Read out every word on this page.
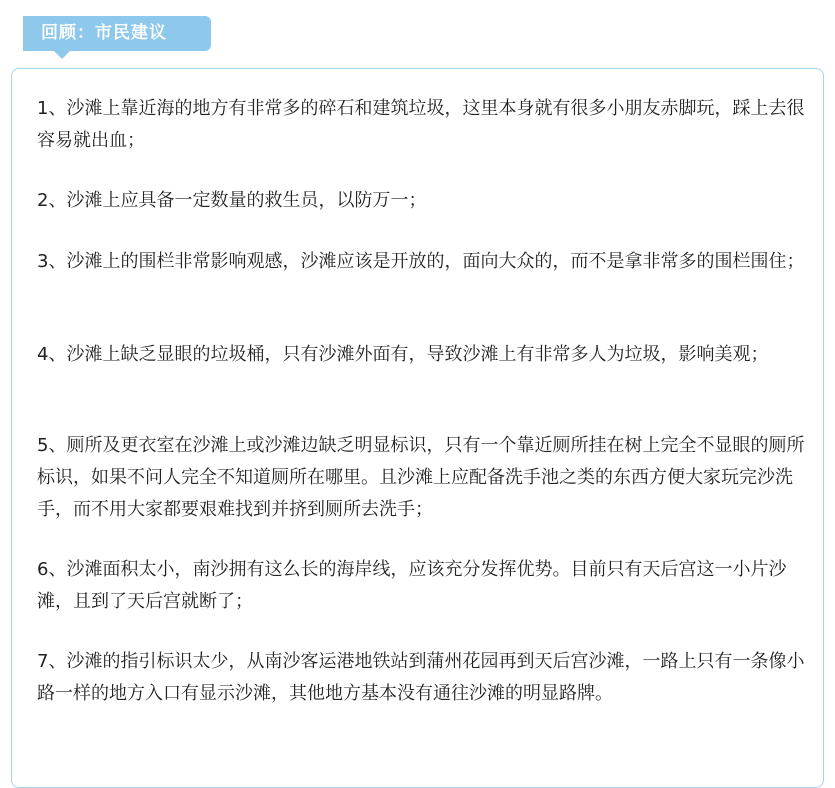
回顾：市民建议

1、沙滩上靠近海的地方有非常多的碎石和建筑垃圾，这里本身就有很多小朋友赤脚玩，踩上去很容易就出血；

2、沙滩上应具备一定数量的救生员，以防万一；

3、沙滩上的围栏非常影响观感，沙滩应该是开放的，面向大众的，而不是拿非常多的围栏围住；

4、沙滩上缺乏显眼的垃圾桶，只有沙滩外面有，导致沙滩上有非常多人为垃圾，影响美观；

5、厕所及更衣室在沙滩上或沙滩边缺乏明显标识，只有一个靠近厕所挂在树上完全不显眼的厕所标识，如果不问人完全不知道厕所在哪里。且沙滩上应配备洗手池之类的东西方便大家玩完沙洗手，而不用大家都要艰难找到并挤到厕所去洗手；

6、沙滩面积太小，南沙拥有这么长的海岸线，应该充分发挥优势。目前只有天后宫这一小片沙滩，且到了天后宫就断了；

7、沙滩的指引标识太少，从南沙客运港地铁站到蒲州花园再到天后宫沙滩，一路上只有一条像小路一样的地方入口有显示沙滩，其他地方基本没有通往沙滩的明显路牌。
